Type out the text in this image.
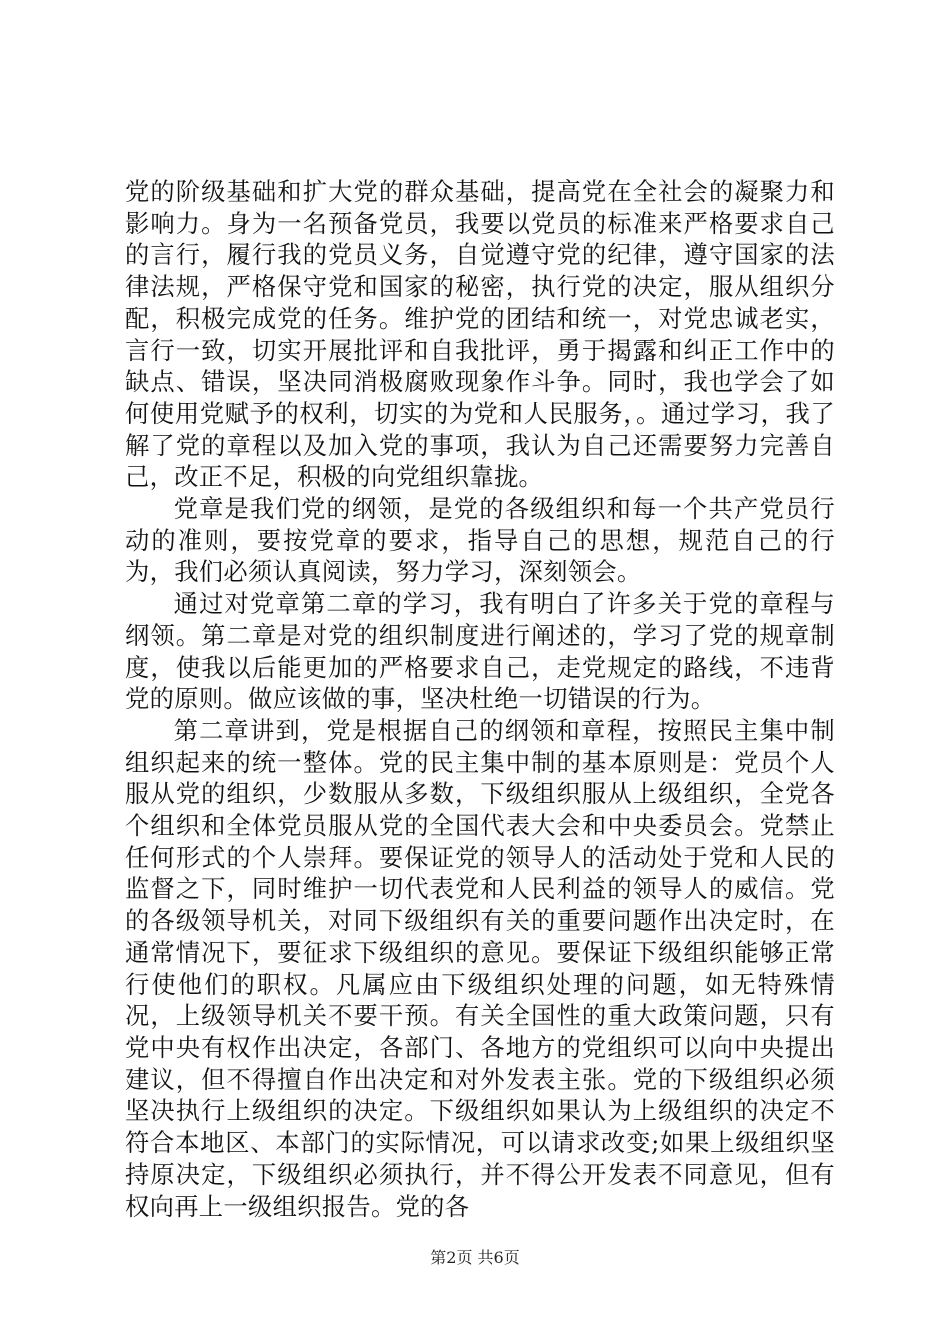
党的阶级基础和扩大党的群众基础，提高党在全社会的凝聚力和影响力。身为一名预备党员，我要以党员的标准来严格要求自己的言行，履行我的党员义务，自觉遵守党的纪律，遵守国家的法律法规，严格保守党和国家的秘密，执行党的决定，服从组织分配，积极完成党的任务。维护党的团结和统一，对党忠诚老实，言行一致，切实开展批评和自我批评，勇于揭露和纠正工作中的缺点、错误，坚决同消极腐败现象作斗争。同时，我也学会了如何使用党赋予的权利，切实的为党和人民服务，。通过学习，我了解了党的章程以及加入党的事项，我认为自己还需要努力完善自己，改正不足，积极的向党组织靠拢。

党章是我们党的纲领，是党的各级组织和每一个共产党员行动的准则，要按党章的要求，指导自己的思想，规范自己的行为，我们必须认真阅读，努力学习，深刻领会。

通过对党章第二章的学习，我有明白了许多关于党的章程与纲领。第二章是对党的组织制度进行阐述的，学习了党的规章制度，使我以后能更加的严格要求自己，走党规定的路线，不违背党的原则。做应该做的事，坚决杜绝一切错误的行为。

第二章讲到，党是根据自己的纲领和章程，按照民主集中制组织起来的统一整体。党的民主集中制的基本原则是：党员个人服从党的组织，少数服从多数，下级组织服从上级组织，全党各个组织和全体党员服从党的全国代表大会和中央委员会。党禁止任何形式的个人崇拜。要保证党的领导人的活动处于党和人民的监督之下，同时维护一切代表党和人民利益的领导人的威信。党的各级领导机关，对同下级组织有关的重要问题作出决定时，在通常情况下，要征求下级组织的意见。要保证下级组织能够正常行使他们的职权。凡属应由下级组织处理的问题，如无特殊情况，上级领导机关不要干预。有关全国性的重大政策问题，只有党中央有权作出决定，各部门、各地方的党组织可以向中央提出建议，但不得擅自作出决定和对外发表主张。党的下级组织必须坚决执行上级组织的决定。下级组织如果认为上级组织的决定不符合本地区、本部门的实际情况，可以请求改变;如果上级组织坚持原决定，下级组织必须执行，并不得公开发表不同意见，但有权向再上一级组织报告。党的各

第2页 共6页
